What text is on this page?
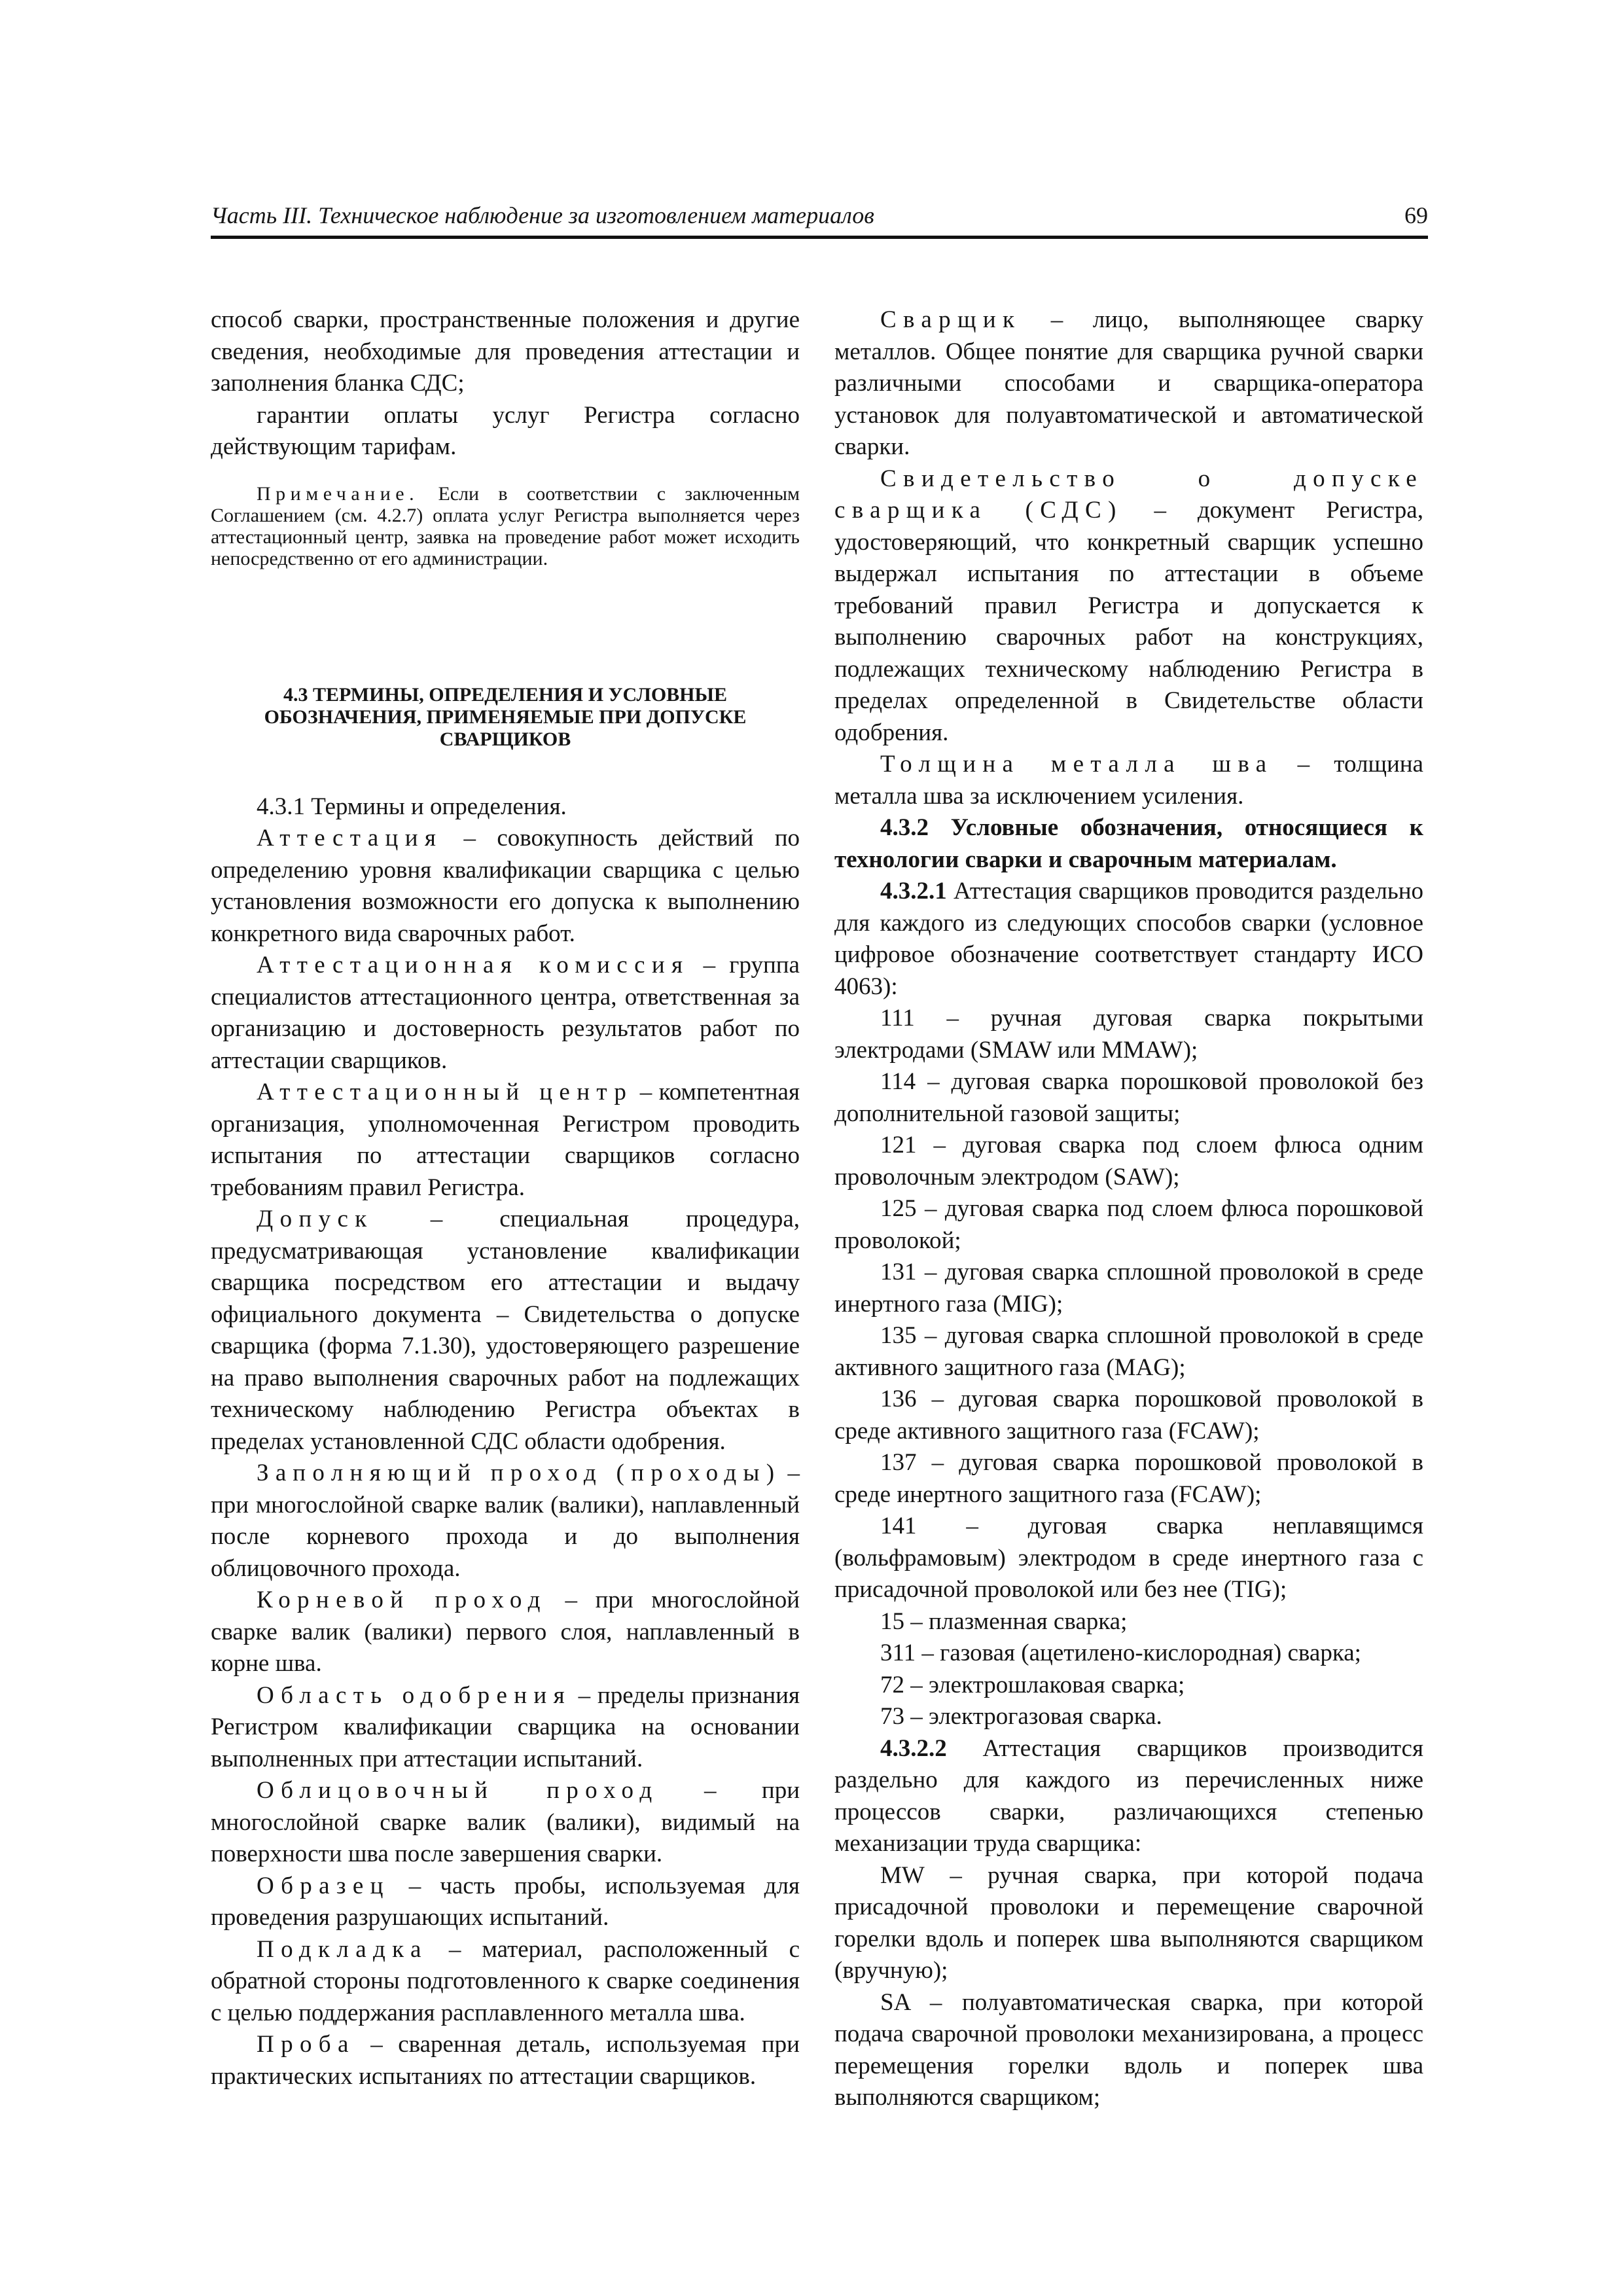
Часть III. Техническое наблюдение за изготовлением материалов	69

способ сварки, пространственные положения и другие сведения, необходимые для проведения аттестации и заполнения бланка СДС;

гарантии оплаты услуг Регистра согласно действующим тарифам.

Примечание. Если в соответствии с заключенным Соглашением (см. 4.2.7) оплата услуг Регистра выполняется через аттестационный центр, заявка на проведение работ может исходить непосредственно от его администрации.

4.3 ТЕРМИНЫ, ОПРЕДЕЛЕНИЯ И УСЛОВНЫЕ ОБОЗНАЧЕНИЯ, ПРИМЕНЯЕМЫЕ ПРИ ДОПУСКЕ СВАРЩИКОВ

4.3.1 Термины и определения.

Аттестация – совокупность действий по определению уровня квалификации сварщика с целью установления возможности его допуска к выполнению конкретного вида сварочных работ.

Аттестационная комиссия – группа специалистов аттестационного центра, ответственная за организацию и достоверность результатов работ по аттестации сварщиков.

Аттестационный центр – компетентная организация, уполномоченная Регистром проводить испытания по аттестации сварщиков согласно требованиям правил Регистра.

Допуск – специальная процедура, предусматривающая установление квалификации сварщика посредством его аттестации и выдачу официального документа – Свидетельства о допуске сварщика (форма 7.1.30), удостоверяющего разрешение на право выполнения сварочных работ на подлежащих техническому наблюдению Регистра объектах в пределах установленной СДС области одобрения.

Заполняющий проход (проходы) – при многослойной сварке валик (валики), наплавленный после корневого прохода и до выполнения облицовочного прохода.

Корневой проход – при многослойной сварке валик (валики) первого слоя, наплавленный в корне шва.

Область одобрения – пределы признания Регистром квалификации сварщика на основании выполненных при аттестации испытаний.

Облицовочный проход – при многослойной сварке валик (валики), видимый на поверхности шва после завершения сварки.

Образец – часть пробы, используемая для проведения разрушающих испытаний.

Подкладка – материал, расположенный с обратной стороны подготовленного к сварке соединения с целью поддержания расплавленного металла шва.

Проба – сваренная деталь, используемая при практических испытаниях по аттестации сварщиков.

Сварщик – лицо, выполняющее сварку металлов. Общее понятие для сварщика ручной сварки различными способами и сварщика-оператора установок для полуавтоматической и автоматической сварки.

Свидетельство о допуске сварщика (СДС) – документ Регистра, удостоверяющий, что конкретный сварщик успешно выдержал испытания по аттестации в объеме требований правил Регистра и допускается к выполнению сварочных работ на конструкциях, подлежащих техническому наблюдению Регистра в пределах определенной в Свидетельстве области одобрения.

Толщина металла шва – толщина металла шва за исключением усиления.

4.3.2 Условные обозначения, относящиеся к технологии сварки и сварочным материалам.

4.3.2.1 Аттестация сварщиков проводится раздельно для каждого из следующих способов сварки (условное цифровое обозначение соответствует стандарту ИСО 4063):

111 – ручная дуговая сварка покрытыми электродами (SMAW или MMAW);

114 – дуговая сварка порошковой проволокой без дополнительной газовой защиты;

121 – дуговая сварка под слоем флюса одним проволочным электродом (SAW);

125 – дуговая сварка под слоем флюса порошковой проволокой;

131 – дуговая сварка сплошной проволокой в среде инертного газа (MIG);

135 – дуговая сварка сплошной проволокой в среде активного защитного газа (MAG);

136 – дуговая сварка порошковой проволокой в среде активного защитного газа (FCAW);

137 – дуговая сварка порошковой проволокой в среде инертного защитного газа (FCAW);

141 – дуговая сварка неплавящимся (вольфрамовым) электродом в среде инертного газа с присадочной проволокой или без нее (TIG);

15 – плазменная сварка;

311 – газовая (ацетилено-кислородная) сварка;

72 – электрошлаковая сварка;

73 – электрогазовая сварка.

4.3.2.2 Аттестация сварщиков производится раздельно для каждого из перечисленных ниже процессов сварки, различающихся степенью механизации труда сварщика:

MW – ручная сварка, при которой подача присадочной проволоки и перемещение сварочной горелки вдоль и поперек шва выполняются сварщиком (вручную);

SA – полуавтоматическая сварка, при которой подача сварочной проволоки механизирована, а процесс перемещения горелки вдоль и поперек шва выполняются сварщиком;
